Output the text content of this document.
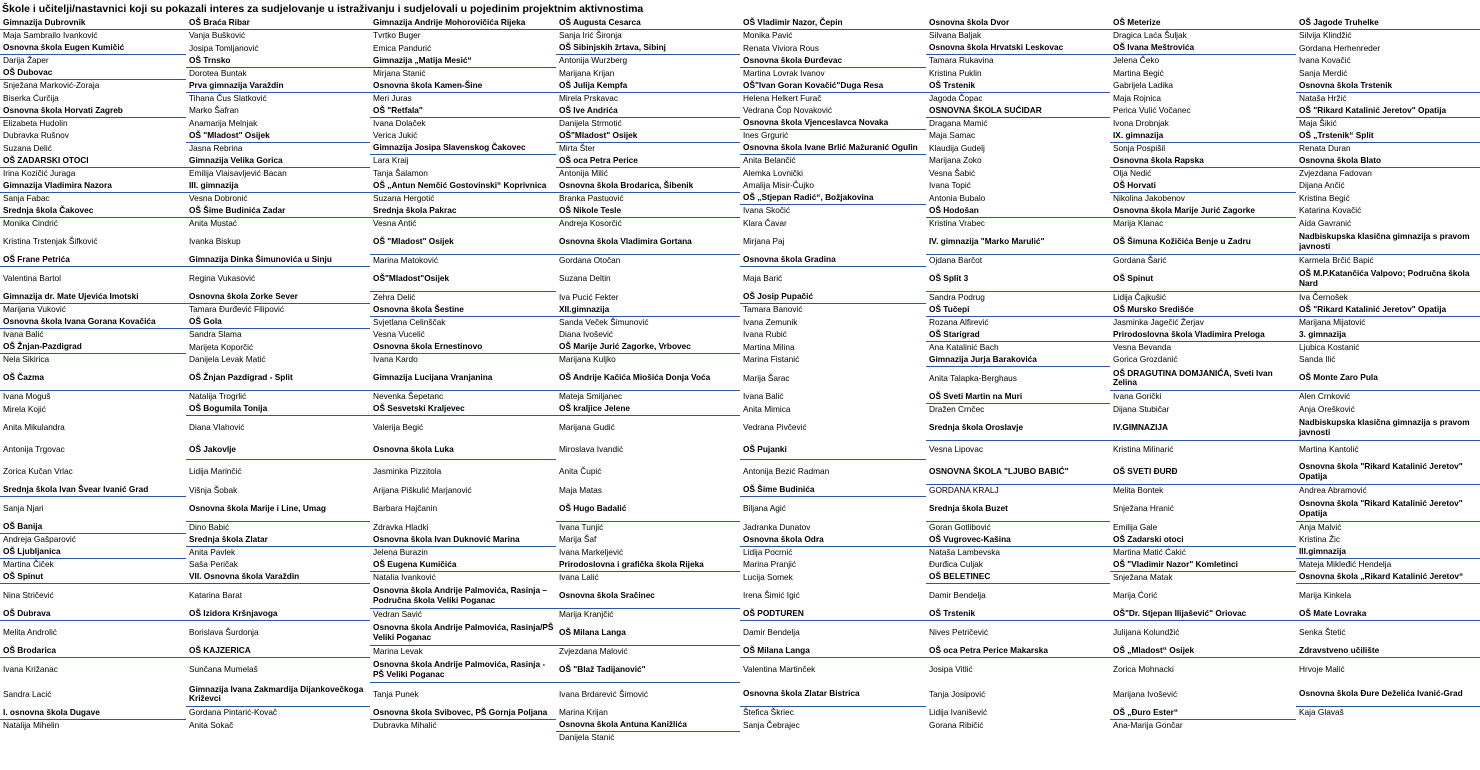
Škole i učitelji/nastavnici koji su pokazali interes za sudjelovanje u istraživanju i sudjelovali u pojedinim projektnim aktivnostima
Gimnazija Dubrovnik	OŠ Braća Ribar	Gimnazija Andrije Mohorovičića Rijeka	OŠ Augusta Cesarca	OŠ Vladimir Nazor, Čepin	Osnovna škola Dvor	OŠ Meterize	OŠ Jagode Truhelke
Maja Sambrailo Ivanković	Vanja Bušković	Tvrtko Buger	Sanja Irić Šironja	Monika Pavić	Silvana Baljak	Dragica Laća Šuljak	Silvija Klindžić
Osnovna škola Eugen Kumičić	Josipa Tomljanović	Emica Pandurić	OŠ Sibinjskih žrtava, Sibinj	Renata Viviora Rous	Osnovna škola Hrvatski Leskovac	OŠ Ivana Meštrovića	Gordana Herhenreder
Darija Žaper	OŠ Trnsko	Gimnazija „Matija Mesić“	Antonija Wurzberg	Osnovna škola Đurđevac	Tamara Rukavina	Jelena Čeko	Ivana Kovačić
OŠ Dubovac	Dorotea Buntak	Mirjana Stanić	Marijana Krijan	Martina Lovrak Ivanov	Kristina Puklin	Martina Begić	Sanja Merdić
Snježana Marković-Zoraja	Prva gimnazija Varaždin	Osnovna škola Kamen-Šine	OŠ Julija Kempfa	OŠ"Ivan Goran Kovačić"Duga Resa	OŠ Trstenik	Gabrijela Ladika	Osnovna škola Trstenik
Biserka Ćurčija	Tihana Čus Slatković	Meri Juras	Mirela Prskavac	Helena Helkert Furač	Jagoda Čopac	Maja Rojnica	Nataša Hržić
Osnovna škola Horvati Zagreb	Marko Šafran	OŠ "Retfala"	OŠ Ive Andrića	Vedrana Čop Novaković	OSNOVNA ŠKOLA SUĆIDAR	Perica Vulić Vočanec	OŠ "Rikard Katalinić Jeretov" Opatija
Elizabeta Hudolin	Anamarija Melnjak	Ivana Dolaček	Danijela Strmotić	Osnovna škola Vjenceslavca Novaka	Dragana Mamić	Ivona Drobnjak	Maja Šikić
Dubravka Rušnov	OŠ "Mladost" Osijek	Verica Jukić	OŠ"Mladost" Osijek	Ines Grgurić	Maja Samac	IX. gimnazija	OŠ „Trstenik“ Split
Suzana Delić	Jasna Rebrina	Gimnazija Josipa Slavenskog Čakovec	Mirta Šter	Osnovna škola Ivane Brlić Mažuranić Ogulin	Klaudija Gudelj	Sonja Pospišil	Renata Duran
OŠ ZADARSKI OTOCI	Gimnazija Velika Gorica	Lara Kraij	OŠ oca Petra Perice	Anita Belančić	Marijana Zoko	Osnovna škola Rapska	Osnovna škola Blato
Irina Kozičić Juraga	Emilija Vlaisavljević Bacan	Tanja Šalamon	Antonija Milić	Alemka Lovnički	Vesna Šabić	Olja Nedić	Zvjezdana Fadovan
Gimnazija Vladimira Nazora	III. gimnazija	OŠ „Antun Nemčić Gostovinski“ Koprivnica	Osnovna škola Brodarica, Šibenik	Amalija Misir-Čujko	Ivana Topić	OŠ Horvati	Dijana Ančić
Sanja Fabac	Vesna Dobronić	Suzana Hergotić	Branka Pastuović	OŠ „Stjepan Radić“, Božjakovina	Antonia Bubalo	Nikolina Jakobenov	Kristina Begić
Srednja škola Čakovec	OŠ Šime Budinića Zadar	Srednja škola Pakrac	OŠ Nikole Tesle	Ivana Skočić	OŠ Hodošan	Osnovna škola Marije Jurić Zagorke	Katarina Kovačić
Monika Cindrić	Anita Mustać	Vesna Antić	Andreja Kosorčić	Klara Čavar	Kristina Vrabec	Marija Klanac	Aida Gavranić
Kristina Trstenjak Šifković	Ivanka Biskup	OŠ "Mladost" Osijek	Osnovna škola Vladimira Gortana	Mirjana Paj	IV. gimnazija "Marko Marulić"	OŠ Šimuna Kožičića Benje u Zadru	Nadbiskupska klasična gimnazija s pravom javnosti
OŠ Frane Petrića	Gimnazija Dinka Šimunovića u Sinju	Marina Matoković	Gordana Otočan	Osnovna škola Gradina	Ojdana Barčot	Gordana Šarić	Karmela Brčić Bapić
Valentina Bartol	Regina Vukasović	OŠ"Mladost"Osijek	Suzana Deltin	Maja Barić	OŠ Split 3	OŠ Spinut	OŠ M.P.Katančića Valpovo; Područna škola Nard
Gimnazija dr. Mate Ujevića Imotski	Osnovna škola Zorke Sever	Zehra Delić	Iva Pucić Fekter	OŠ Josip Pupačić	Sandra Podrug	Lidija Čajkušić	Iva Černošek
Marijana Vuković	Tamara Đurđević Filipović	Osnovna škola Šestine	XII.gimnazija	Tamara Banović	OŠ Tučepi	OŠ Mursko Središće	OŠ "Rikard Katalinić Jeretov" Opatija
Osnovna škola Ivana Gorana Kovačića	OŠ Gola	Svjetlana Celinščak	Sanda Veček Šimunović	Ivana Zemunik	Rozana Alfirević	Jasminka Jagečić Žerjav	Marijana Mijatović
Ivana Balić	Sandra Slama	Vesna Vucelić	Diana Ivošević	Ivana Rubić	OŠ Starigrad	Prirodoslovna škola Vladimira Preloga	3. gimnazija
OŠ Žnjan-Pazdigrad	Marijeta Koporčić	Osnovna škola Ernestinovo	OŠ Marije Jurić Zagorke, Vrbovec	Martina Milina	Ana Katalinić Bach	Vesna Bevanda	Ljubica Kostanić
Nela Sikirica	Danijela Levak Matić	Ivana Kardo	Marijana Kuljko	Marina Fistanić	Gimnazija Jurja Barakovića	Gorica Grozdanić	Sanda Ilić
OŠ Čazma	OŠ Žnjan Pazdigrad - Split	Gimnazija Lucijana Vranjanina	OŠ Andrije Kačića Miošića Donja Voća	Marija Šarac	Anita Talapka-Berghaus	OŠ DRAGUTINA DOMJANIĆA, Sveti Ivan Zelina	OŠ Monte Zaro Pula
Ivana Moguš	Natalija Trogrlić	Nevenka Šepetanc	Mateja Smiljanec	Ivana Balić	OŠ Sveti Martin na Muri	Ivana Gorički	Alen Crnković
Mirela Kojić	OŠ Bogumila Tonija	OŠ Sesvetski Kraljevec	OŠ kraljice Jelene	Anita Mimica	Dražen Crnčec	Dijana Stubičar	Anja Orešković
Anita Mikulandra	Diana Vlahović	Valerija Begić	Marijana Gudić	Vedrana Pivčević	Srednja škola Oroslavje	IV.GIMNAZIJA	Nadbiskupska klasična gimnazija s pravom javnosti
Antonija Trgovac	OŠ Jakovlje	Osnovna škola Luka	Miroslava Ivandić	OŠ Pujanki	Vesna Lipovac	Kristina Milinarić	Martina Kantolić
Zorica Kučan Vrlac	Lidija Marinčić	Jasminka Pizzitola	Anita Čupić	Antonija Bezić Radman	OSNOVNA ŠKOLA "LJUBO BABIĆ"	OŠ SVETI ĐURĐ	Osnovna škola "Rikard Katalinić Jeretov" Opatija
Srednja škola Ivan Švear Ivanić Grad	Višnja Šobak	Arijana Piškulić Marjanović	Maja Matas	OŠ Šime Budinića	GORDANA KRALJ	Melita Bontek	Andrea Abramović
Sanja Njari	Osnovna škola Marije i Line, Umag	Barbara Hajčanin	OŠ Hugo Badalić	Biljana Agić	Srednja škola Buzet	Snježana Hranić	Osnovna škola "Rikard Katalinić Jeretov" Opatija
OŠ Banija	Dino Babić	Zdravka Hladki	Ivana Tunjić	Jadranka Dunatov	Goran Gotlibović	Emilija Gale	Anja Malvić
Andreja Gašparović	Srednja škola Zlatar	Osnovna škola Ivan Duknović Marina	Marija Šaf	Osnovna škola Odra	OŠ Vugrovec-Kašina	OŠ Zadarski otoci	Kristina Žic
OŠ Ljubljanica	Anita Pavlek	Jelena Burazin	Ivana Markeljević	Lidija Pocrnić	Nataša Lambevska	Martina Matić Ćakić	III.gimnazija
Martina Čiček	Saša Peričak	OŠ Eugena Kumičića	Prirodoslovna i grafička škola Rijeka	Marina Pranjić	Đurđica Culjak	OŠ "Vladimir Nazor" Komletinci	Mateja Mikleđić Hendelja
OŠ Spinut	VII. Osnovna škola Varaždin	Natalia Ivanković	Ivana Lalić	Lucija Somek	OŠ BELETINEC	Snježana Matak	Osnovna škola „Rikard Katalinić Jeretov“
Nina Stričević	Katarina Barat	Osnovna škola Andrije Palmovića, Rasinja – Područna škola Veliki Poganac	Osnovna škola Sračinec	Irena Šimić Igić	Damir Bendelja	Marija Ćorić	Marija Kinkela
OŠ Dubrava	OŠ Izidora Kršnjavoga	Vedran Savić	Marija Kranjčić	OŠ PODTUREN	OŠ Trstenik	OŠ"Dr. Stjepan Ilijašević" Oriovac	OŠ Mate Lovraka
Melita Androlić	Borislava Šurdonja	Osnovna škola Andrije Palmovića, Rasinja/PŠ Veliki Poganac	OŠ Milana Langa	Damir Bendelja	Nives Petričević	Julijana Kolundžić	Senka Štetić
OŠ Brodarica	OŠ KAJZERICA	Marina Levak	Zvjezdana Malović	OŠ Milana Langa	OŠ oca Petra Perice Makarska	OŠ „Mladost“ Osijek	Zdravstveno učilište
Ivana Križanac	Sunčana Mumelaš	Osnovna škola Andrije Palmovića, Rasinja - PŠ Veliki Poganac	OŠ "Blaž Tadijanović"	Valentina Martinček	Josipa Vitlić	Zorica Mohnacki	Hrvoje Malić
Sandra Lacić	Gimnazija Ivana Zakmardija Dijankovečkoga Križevci	Tanja Punek	Ivana Brdarević Šimović	Osnovna škola Zlatar Bistrica	Tanja Josipović	Marijana Ivošević	Osnovna škola Đure Deželića Ivanić-Grad
I. osnovna škola Dugave	Gordana Pintarić-Kovač	Osnovna škola Svibovec, PŠ Gornja Poljana	Marina Krijan	Štefica Škriec	Lidija Ivanišević	OŠ „Đuro Ester“	Kaja Glavaš
Natalija Mihelin	Anita Sokač	Dubravka Mihalić	Osnovna škola Antuna Kanižlića	Sanja Čebrajec	Gorana Ribičić	Ana-Marija Gončar	
			Danijela Stanić				
